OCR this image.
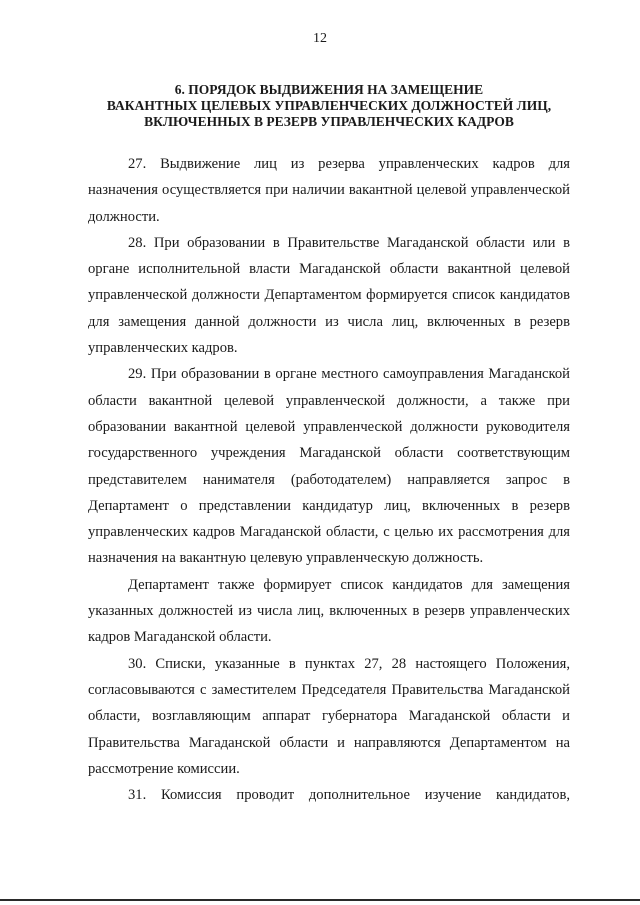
12
6. ПОРЯДОК ВЫДВИЖЕНИЯ НА ЗАМЕЩЕНИЕ
ВАКАНТНЫХ ЦЕЛЕВЫХ УПРАВЛЕНЧЕСКИХ ДОЛЖНОСТЕЙ ЛИЦ,
ВКЛЮЧЕННЫХ В РЕЗЕРВ УПРАВЛЕНЧЕСКИХ КАДРОВ

27. Выдвижение лиц из резерва управленческих кадров для назначения осуществляется при наличии вакантной целевой управленческой должности.

28. При образовании в Правительстве Магаданской области или в органе исполнительной власти Магаданской области вакантной целевой управленческой должности Департаментом формируется список кандидатов для замещения данной должности из числа лиц, включенных в резерв управленческих кадров.

29. При образовании в органе местного самоуправления Магаданской области вакантной целевой управленческой должности, а также при образовании вакантной целевой управленческой должности руководителя государственного учреждения Магаданской области соответствующим представителем нанимателя (работодателем) направляется запрос в Департамент о представлении кандидатур лиц, включенных в резерв управленческих кадров Магаданской области, с целью их рассмотрения для назначения на вакантную целевую управленческую должность.

Департамент также формирует список кандидатов для замещения указанных должностей из числа лиц, включенных в резерв управленческих кадров Магаданской области.

30. Списки, указанные в пунктах 27, 28 настоящего Положения, согласовываются с заместителем Председателя Правительства Магаданской области, возглавляющим аппарат губернатора Магаданской области и Правительства Магаданской области и направляются Департаментом на рассмотрение комиссии.

31. Комиссия проводит дополнительное изучение кандидатов,
